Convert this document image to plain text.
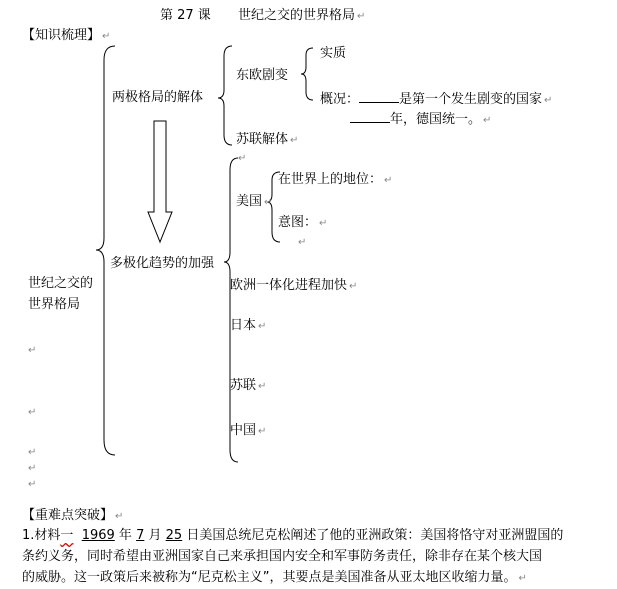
第 27 课 世纪之交的世界格局 ↵
【知识梳理】 ↵
世纪之交的
世界格局
两极格局的解体
东欧剧变
实质
概况：	是第一个发生剧变的国家 ↵
年，德国统一。 ↵
苏联解体 ↵
多极化趋势的加强
↵
美国 ↵
在世界上的地位： ↵
意图： ↵
↵
欧洲一体化进程加快 ↵
日本 ↵
苏联 ↵
中国 ↵
↵
↵
↵
↵
↵
【重难点突破】 ↵
1.材料一 1969 年 7 月 25 日美国总统尼克松阐述了他的亚洲政策：美国将恪守对亚洲盟国的
条约义务，同时希望由亚洲国家自己来承担国内安全和军事防务责任，除非存在某个核大国
的威胁。这一政策后来被称为“尼克松主义”，其要点是美国准备从亚太地区收缩力量。 ↵
